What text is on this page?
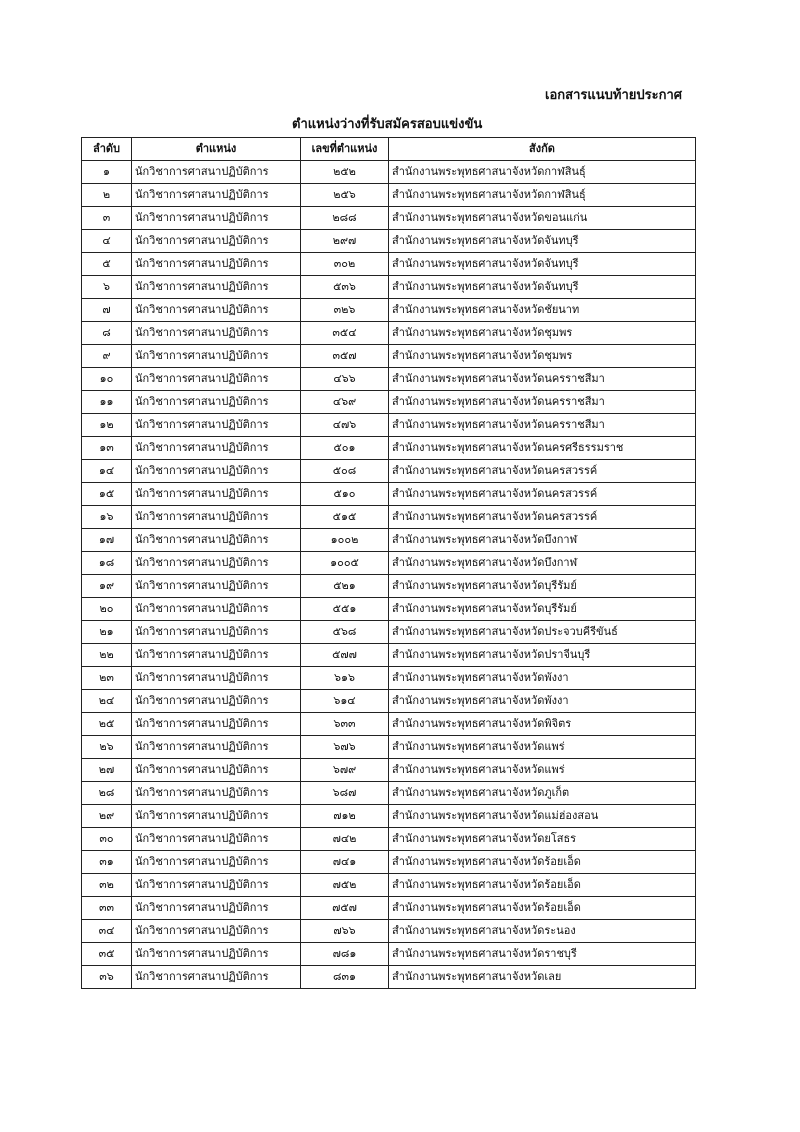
เอกสารแนบท้ายประกาศ
ตำแหน่งว่างที่รับสมัครสอบแข่งขัน
ลำดับ	ตำแหน่ง	เลขที่ตำแหน่ง	สังกัด
๑	นักวิชาการศาสนาปฏิบัติการ	๒๕๒	สำนักงานพระพุทธศาสนาจังหวัดกาฬสินธุ์
๒	นักวิชาการศาสนาปฏิบัติการ	๒๕๖	สำนักงานพระพุทธศาสนาจังหวัดกาฬสินธุ์
๓	นักวิชาการศาสนาปฏิบัติการ	๒๘๘	สำนักงานพระพุทธศาสนาจังหวัดขอนแก่น
๔	นักวิชาการศาสนาปฏิบัติการ	๒๙๗	สำนักงานพระพุทธศาสนาจังหวัดจันทบุรี
๕	นักวิชาการศาสนาปฏิบัติการ	๓๐๒	สำนักงานพระพุทธศาสนาจังหวัดจันทบุรี
๖	นักวิชาการศาสนาปฏิบัติการ	๕๓๖	สำนักงานพระพุทธศาสนาจังหวัดจันทบุรี
๗	นักวิชาการศาสนาปฏิบัติการ	๓๒๖	สำนักงานพระพุทธศาสนาจังหวัดชัยนาท
๘	นักวิชาการศาสนาปฏิบัติการ	๓๕๔	สำนักงานพระพุทธศาสนาจังหวัดชุมพร
๙	นักวิชาการศาสนาปฏิบัติการ	๓๕๗	สำนักงานพระพุทธศาสนาจังหวัดชุมพร
๑๐	นักวิชาการศาสนาปฏิบัติการ	๔๖๖	สำนักงานพระพุทธศาสนาจังหวัดนครราชสีมา
๑๑	นักวิชาการศาสนาปฏิบัติการ	๔๖๙	สำนักงานพระพุทธศาสนาจังหวัดนครราชสีมา
๑๒	นักวิชาการศาสนาปฏิบัติการ	๔๗๖	สำนักงานพระพุทธศาสนาจังหวัดนครราชสีมา
๑๓	นักวิชาการศาสนาปฏิบัติการ	๕๐๑	สำนักงานพระพุทธศาสนาจังหวัดนครศรีธรรมราช
๑๔	นักวิชาการศาสนาปฏิบัติการ	๕๐๘	สำนักงานพระพุทธศาสนาจังหวัดนครสวรรค์
๑๕	นักวิชาการศาสนาปฏิบัติการ	๕๑๐	สำนักงานพระพุทธศาสนาจังหวัดนครสวรรค์
๑๖	นักวิชาการศาสนาปฏิบัติการ	๕๑๕	สำนักงานพระพุทธศาสนาจังหวัดนครสวรรค์
๑๗	นักวิชาการศาสนาปฏิบัติการ	๑๐๐๒	สำนักงานพระพุทธศาสนาจังหวัดบึงกาฬ
๑๘	นักวิชาการศาสนาปฏิบัติการ	๑๐๐๕	สำนักงานพระพุทธศาสนาจังหวัดบึงกาฬ
๑๙	นักวิชาการศาสนาปฏิบัติการ	๕๒๑	สำนักงานพระพุทธศาสนาจังหวัดบุรีรัมย์
๒๐	นักวิชาการศาสนาปฏิบัติการ	๕๕๑	สำนักงานพระพุทธศาสนาจังหวัดบุรีรัมย์
๒๑	นักวิชาการศาสนาปฏิบัติการ	๕๖๘	สำนักงานพระพุทธศาสนาจังหวัดประจวบคีรีขันธ์
๒๒	นักวิชาการศาสนาปฏิบัติการ	๕๗๗	สำนักงานพระพุทธศาสนาจังหวัดปราจีนบุรี
๒๓	นักวิชาการศาสนาปฏิบัติการ	๖๑๖	สำนักงานพระพุทธศาสนาจังหวัดพังงา
๒๔	นักวิชาการศาสนาปฏิบัติการ	๖๑๔	สำนักงานพระพุทธศาสนาจังหวัดพังงา
๒๕	นักวิชาการศาสนาปฏิบัติการ	๖๓๓	สำนักงานพระพุทธศาสนาจังหวัดพิจิตร
๒๖	นักวิชาการศาสนาปฏิบัติการ	๖๗๖	สำนักงานพระพุทธศาสนาจังหวัดแพร่
๒๗	นักวิชาการศาสนาปฏิบัติการ	๖๗๙	สำนักงานพระพุทธศาสนาจังหวัดแพร่
๒๘	นักวิชาการศาสนาปฏิบัติการ	๖๘๗	สำนักงานพระพุทธศาสนาจังหวัดภูเก็ต
๒๙	นักวิชาการศาสนาปฏิบัติการ	๗๑๒	สำนักงานพระพุทธศาสนาจังหวัดแม่ฮ่องสอน
๓๐	นักวิชาการศาสนาปฏิบัติการ	๗๔๒	สำนักงานพระพุทธศาสนาจังหวัดยโสธร
๓๑	นักวิชาการศาสนาปฏิบัติการ	๗๔๑	สำนักงานพระพุทธศาสนาจังหวัดร้อยเอ็ด
๓๒	นักวิชาการศาสนาปฏิบัติการ	๗๕๒	สำนักงานพระพุทธศาสนาจังหวัดร้อยเอ็ด
๓๓	นักวิชาการศาสนาปฏิบัติการ	๗๕๗	สำนักงานพระพุทธศาสนาจังหวัดร้อยเอ็ด
๓๔	นักวิชาการศาสนาปฏิบัติการ	๗๖๖	สำนักงานพระพุทธศาสนาจังหวัดระนอง
๓๕	นักวิชาการศาสนาปฏิบัติการ	๗๘๑	สำนักงานพระพุทธศาสนาจังหวัดราชบุรี
๓๖	นักวิชาการศาสนาปฏิบัติการ	๘๓๑	สำนักงานพระพุทธศาสนาจังหวัดเลย
